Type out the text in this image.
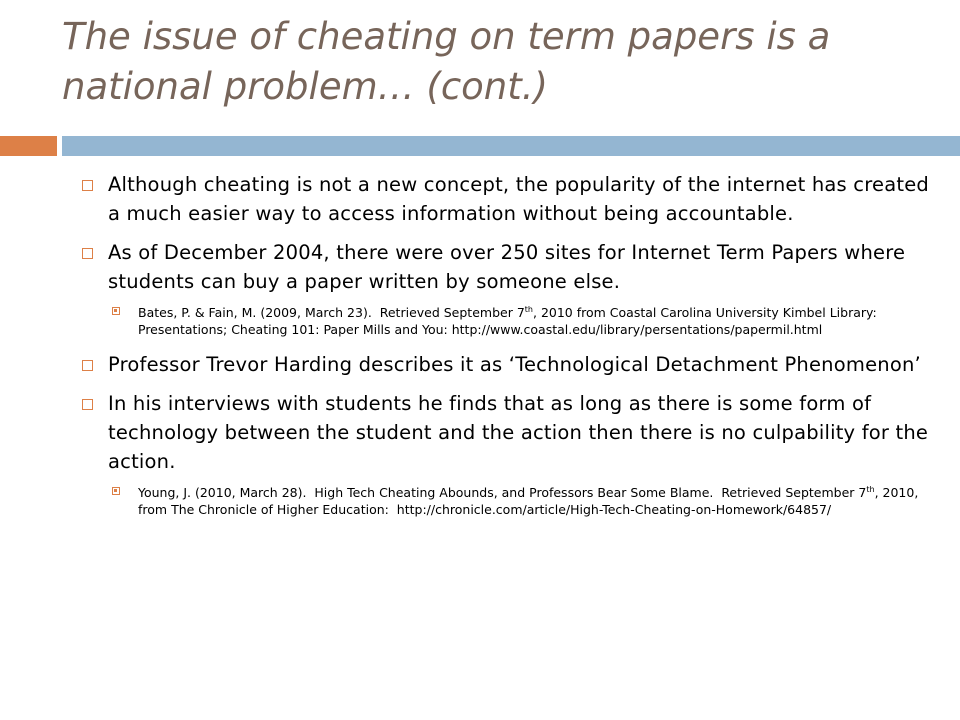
The issue of cheating on term papers is a national problem… (cont.)
Although cheating is not a new concept, the popularity of the internet has created a much easier way to access information without being accountable.
As of December 2004, there were over 250 sites for Internet Term Papers where students can buy a paper written by someone else.
Bates, P. & Fain, M. (2009, March 23).  Retrieved September 7th, 2010 from Coastal Carolina University Kimbel Library: Presentations; Cheating 101: Paper Mills and You: http://www.coastal.edu/library/persentations/papermil.html
Professor Trevor Harding describes it as ‘Technological Detachment Phenomenon’
In his interviews with students he finds that as long as there is some form of technology between the student and the action then there is no culpability for the action.
Young, J. (2010, March 28).  High Tech Cheating Abounds, and Professors Bear Some Blame.  Retrieved September 7th, 2010, from The Chronicle of Higher Education:  http://chronicle.com/article/High-Tech-Cheating-on-Homework/64857/
